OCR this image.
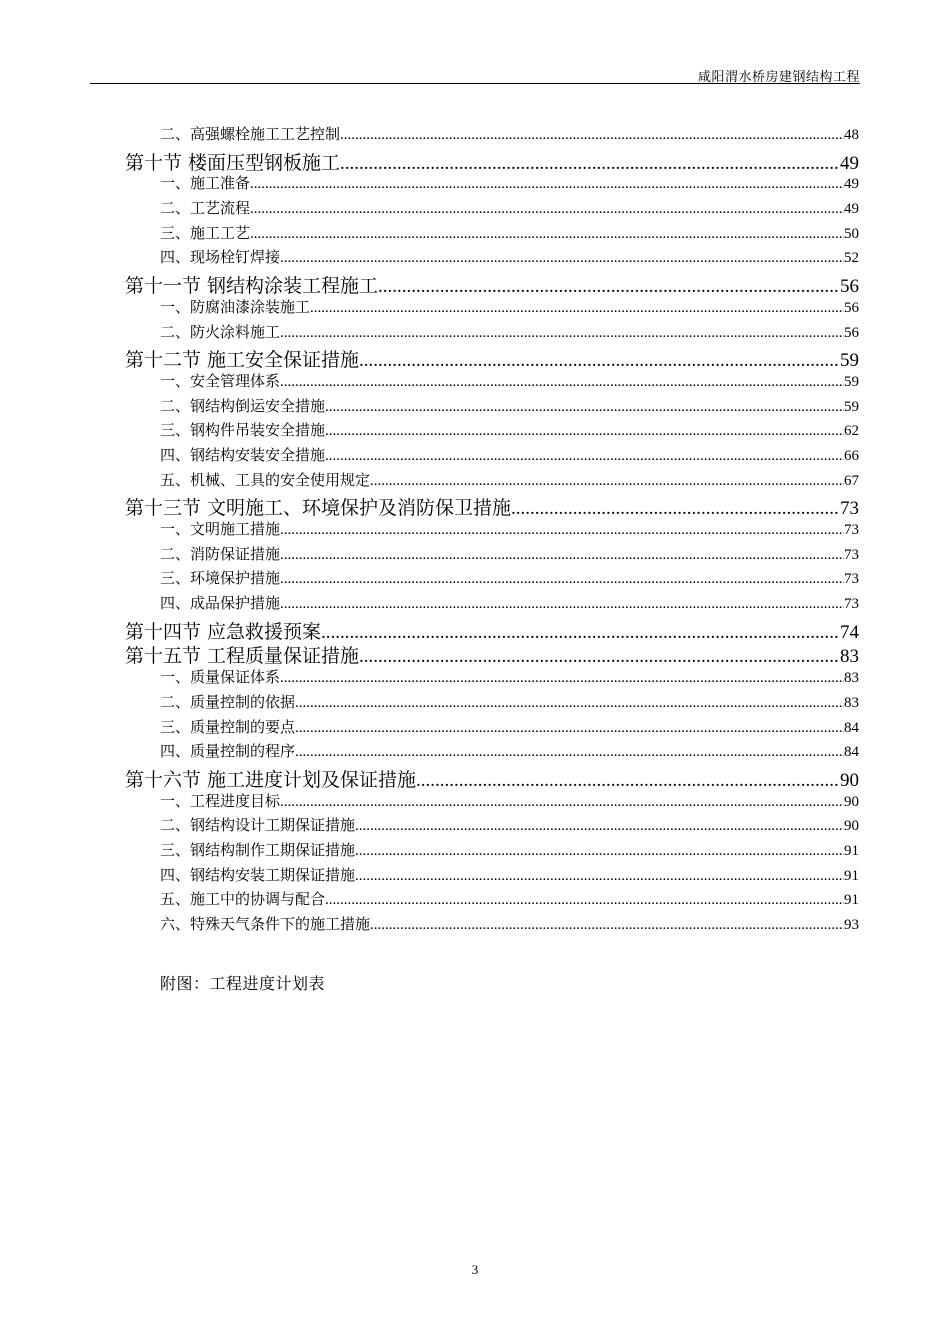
咸阳渭水桥房建钢结构工程
二、高强螺栓施工工艺控制 .....	48
第十节 楼面压型钢板施工 .....	49
一、施工准备 .....	49
二、工艺流程 .....	49
三、施工工艺 .....	50
四、现场栓钉焊接 .....	52
第十一节 钢结构涂装工程施工 .....	56
一、防腐油漆涂装施工 .....	56
二、防火涂料施工 .....	56
第十二节 施工安全保证措施 .....	59
一、安全管理体系 .....	59
二、钢结构倒运安全措施 .....	59
三、钢构件吊装安全措施 .....	62
四、钢结构安装安全措施 .....	66
五、机械、工具的安全使用规定 .....	67
第十三节 文明施工、环境保护及消防保卫措施 .....	73
一、文明施工措施 .....	73
二、消防保证措施 .....	73
三、环境保护措施 .....	73
四、成品保护措施 .....	73
第十四节 应急救援预案 .....	74
第十五节 工程质量保证措施 .....	83
一、质量保证体系 .....	83
二、质量控制的依据 .....	83
三、质量控制的要点 .....	84
四、质量控制的程序 .....	84
第十六节 施工进度计划及保证措施 .....	90
一、工程进度目标 .....	90
二、钢结构设计工期保证措施 .....	90
三、钢结构制作工期保证措施 .....	91
四、钢结构安装工期保证措施 .....	91
五、施工中的协调与配合 .....	91
六、特殊天气条件下的施工措施 .....	93
附图：工程进度计划表
3
